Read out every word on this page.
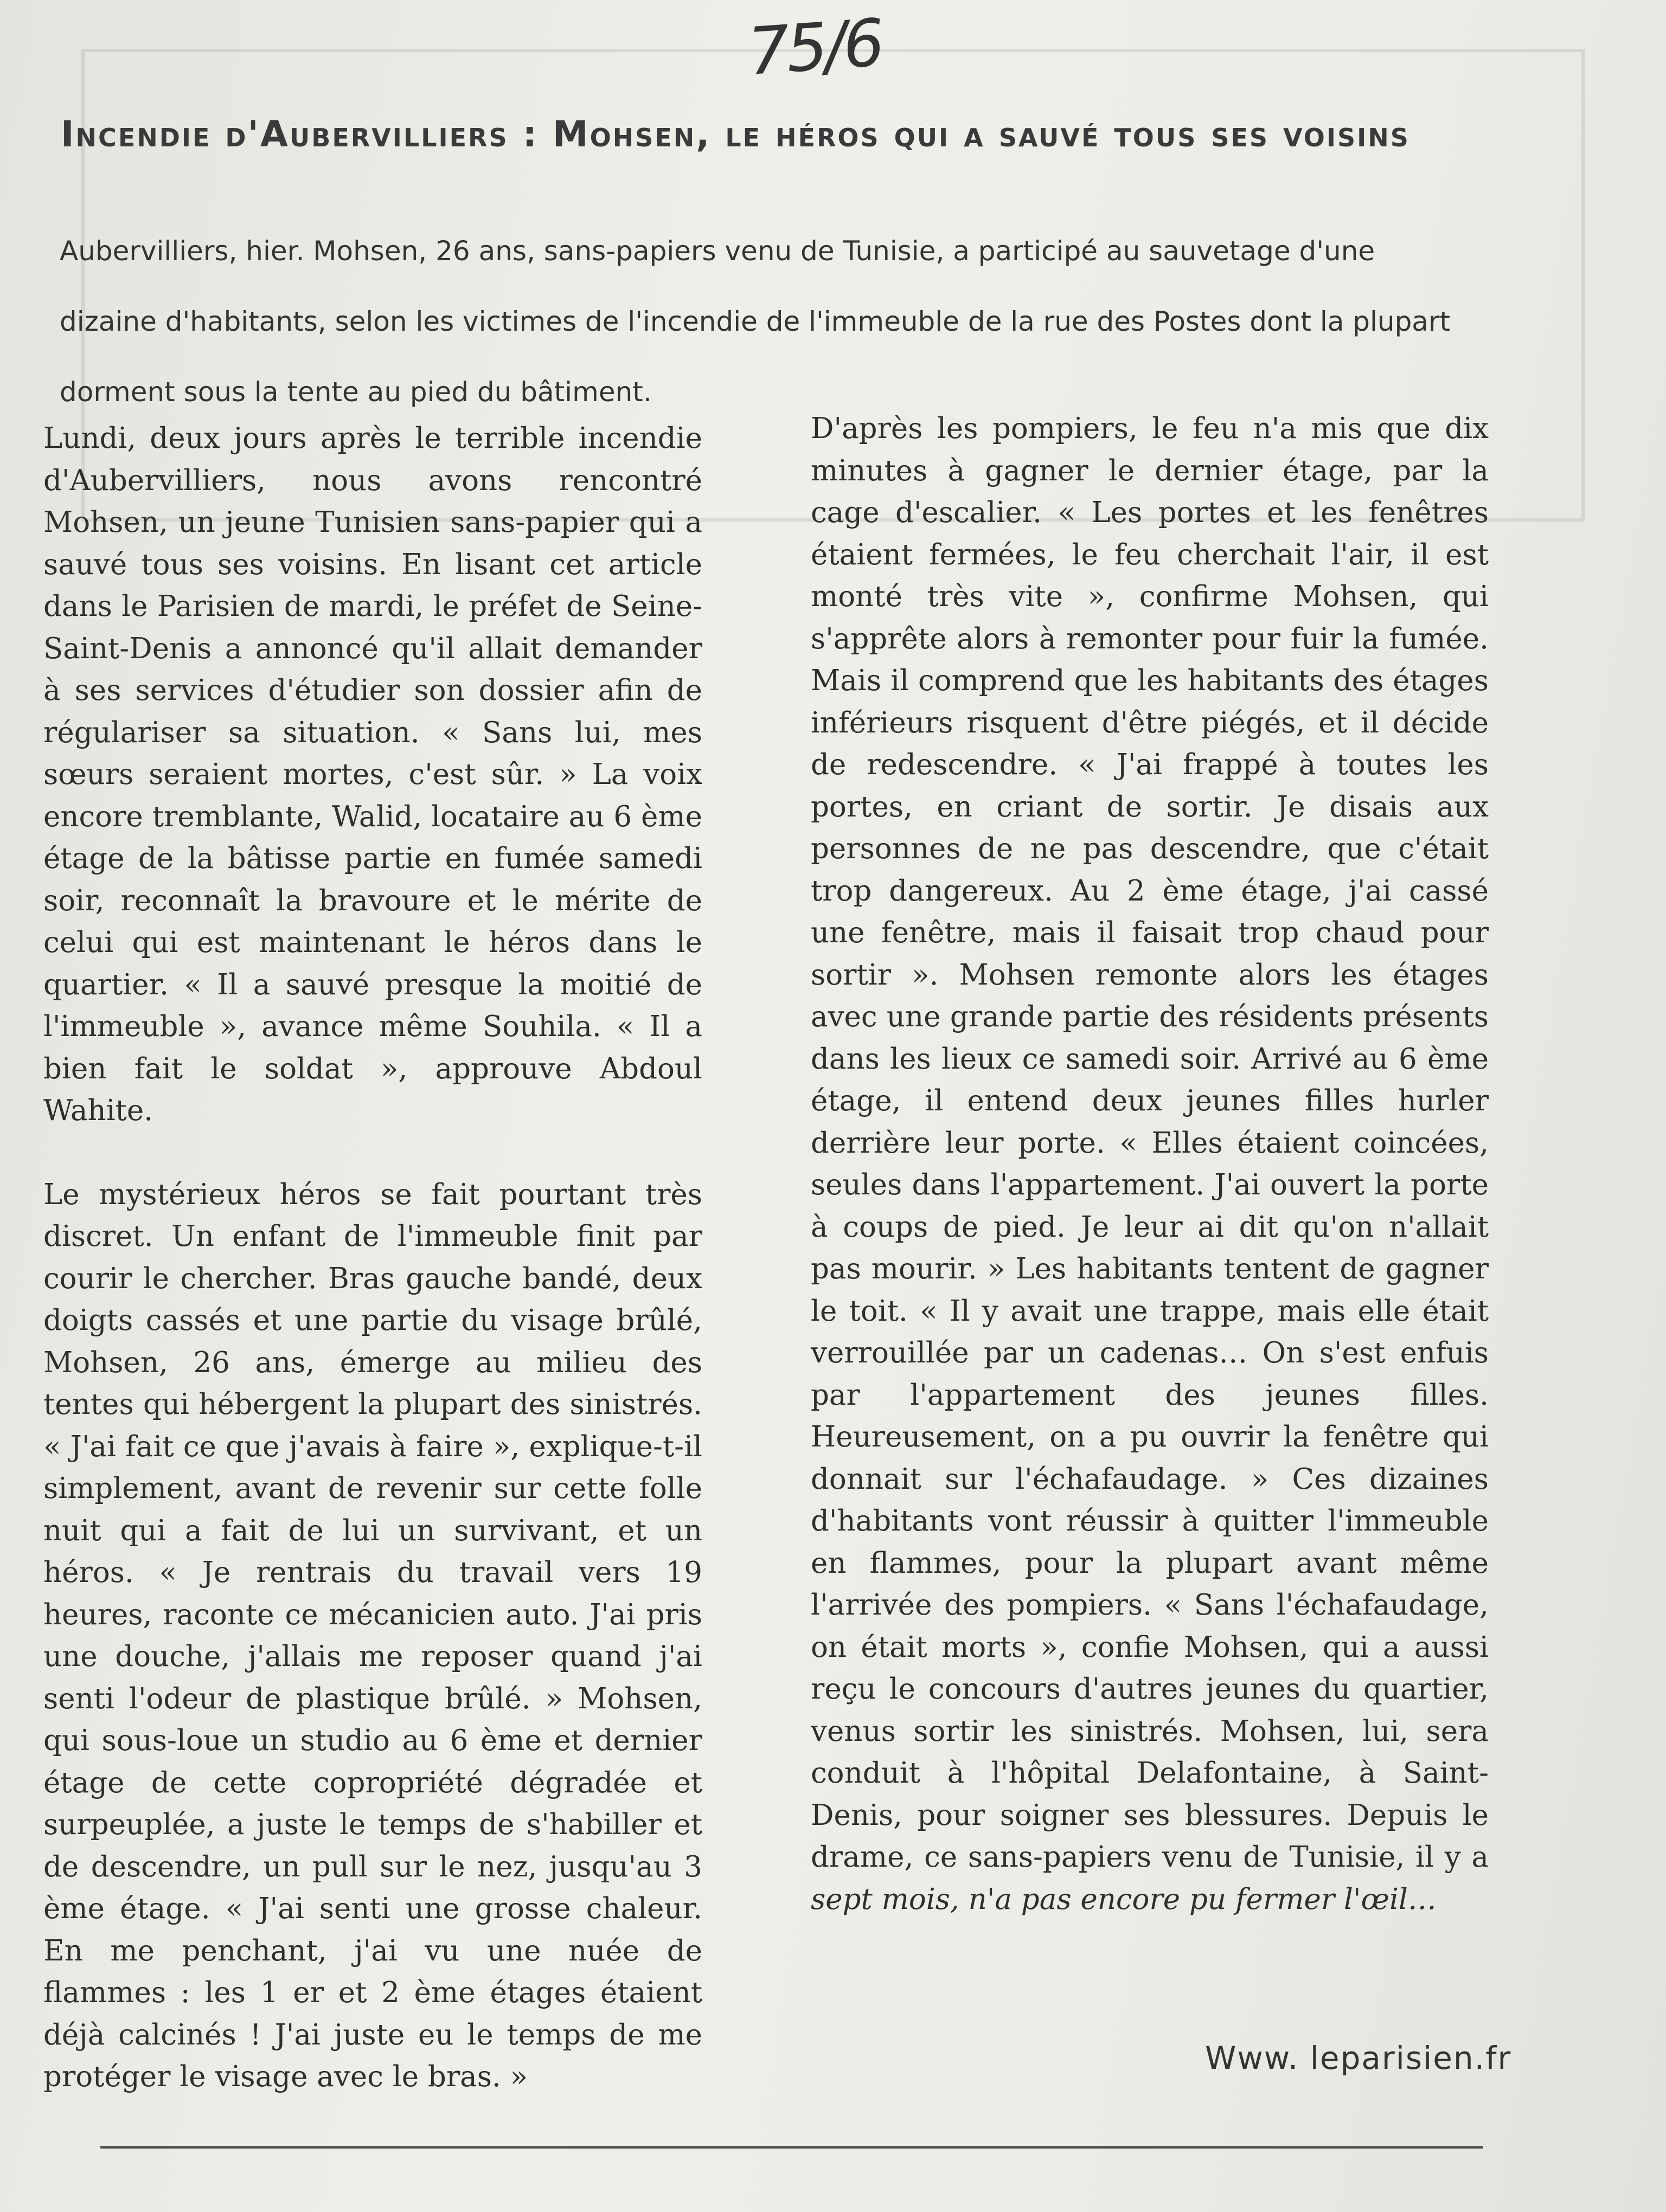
75/6
Incendie d'Aubervilliers : Mohsen, le héros qui a sauvé tous ses voisins
Aubervilliers, hier. Mohsen, 26 ans, sans-papiers venu de Tunisie, a participé au sauvetage d'une dizaine d'habitants, selon les victimes de l'incendie de l'immeuble de la rue des Postes dont la plupart dorment sous la tente au pied du bâtiment.

Lundi, deux jours après le terrible incendie d'Aubervilliers, nous avons rencontré Mohsen, un jeune Tunisien sans-papier qui a sauvé tous ses voisins. En lisant cet article dans le Parisien de mardi, le préfet de Seine-Saint-Denis a annoncé qu'il allait demander à ses services d'étudier son dossier afin de régulariser sa situation. « Sans lui, mes sœurs seraient mortes, c'est sûr. » La voix encore tremblante, Walid, locataire au 6 ème étage de la bâtisse partie en fumée samedi soir, reconnaît la bravoure et le mérite de celui qui est maintenant le héros dans le quartier. « Il a sauvé presque la moitié de l'immeuble », avance même Souhila. « Il a bien fait le soldat », approuve Abdoul Wahite.

Le mystérieux héros se fait pourtant très discret. Un enfant de l'immeuble finit par courir le chercher. Bras gauche bandé, deux doigts cassés et une partie du visage brûlé, Mohsen, 26 ans, émerge au milieu des tentes qui hébergent la plupart des sinistrés. « J'ai fait ce que j'avais à faire », explique-t-il simplement, avant de revenir sur cette folle nuit qui a fait de lui un survivant, et un héros. « Je rentrais du travail vers 19 heures, raconte ce mécanicien auto. J'ai pris une douche, j'allais me reposer quand j'ai senti l'odeur de plastique brûlé. » Mohsen, qui sous-loue un studio au 6 ème et dernier étage de cette copropriété dégradée et surpeuplée, a juste le temps de s'habiller et de descendre, un pull sur le nez, jusqu'au 3 ème étage. « J'ai senti une grosse chaleur. En me penchant, j'ai vu une nuée de flammes : les 1 er et 2 ème étages étaient déjà calcinés ! J'ai juste eu le temps de me protéger le visage avec le bras. »

D'après les pompiers, le feu n'a mis que dix minutes à gagner le dernier étage, par la cage d'escalier. « Les portes et les fenêtres étaient fermées, le feu cherchait l'air, il est monté très vite », confirme Mohsen, qui s'apprête alors à remonter pour fuir la fumée. Mais il comprend que les habitants des étages inférieurs risquent d'être piégés, et il décide de redescendre. « J'ai frappé à toutes les portes, en criant de sortir. Je disais aux personnes de ne pas descendre, que c'était trop dangereux. Au 2 ème étage, j'ai cassé une fenêtre, mais il faisait trop chaud pour sortir ». Mohsen remonte alors les étages avec une grande partie des résidents présents dans les lieux ce samedi soir. Arrivé au 6 ème étage, il entend deux jeunes filles hurler derrière leur porte. « Elles étaient coincées, seules dans l'appartement. J'ai ouvert la porte à coups de pied. Je leur ai dit qu'on n'allait pas mourir. » Les habitants tentent de gagner le toit. « Il y avait une trappe, mais elle était verrouillée par un cadenas… On s'est enfuis par l'appartement des jeunes filles. Heureusement, on a pu ouvrir la fenêtre qui donnait sur l'échafaudage. » Ces dizaines d'habitants vont réussir à quitter l'immeuble en flammes, pour la plupart avant même l'arrivée des pompiers. « Sans l'échafaudage, on était morts », confie Mohsen, qui a aussi reçu le concours d'autres jeunes du quartier, venus sortir les sinistrés. Mohsen, lui, sera conduit à l'hôpital Delafontaine, à Saint-Denis, pour soigner ses blessures. Depuis le drame, ce sans-papiers venu de Tunisie, il y a sept mois, n'a pas encore pu fermer l'œil…

Www. leparisien.fr
